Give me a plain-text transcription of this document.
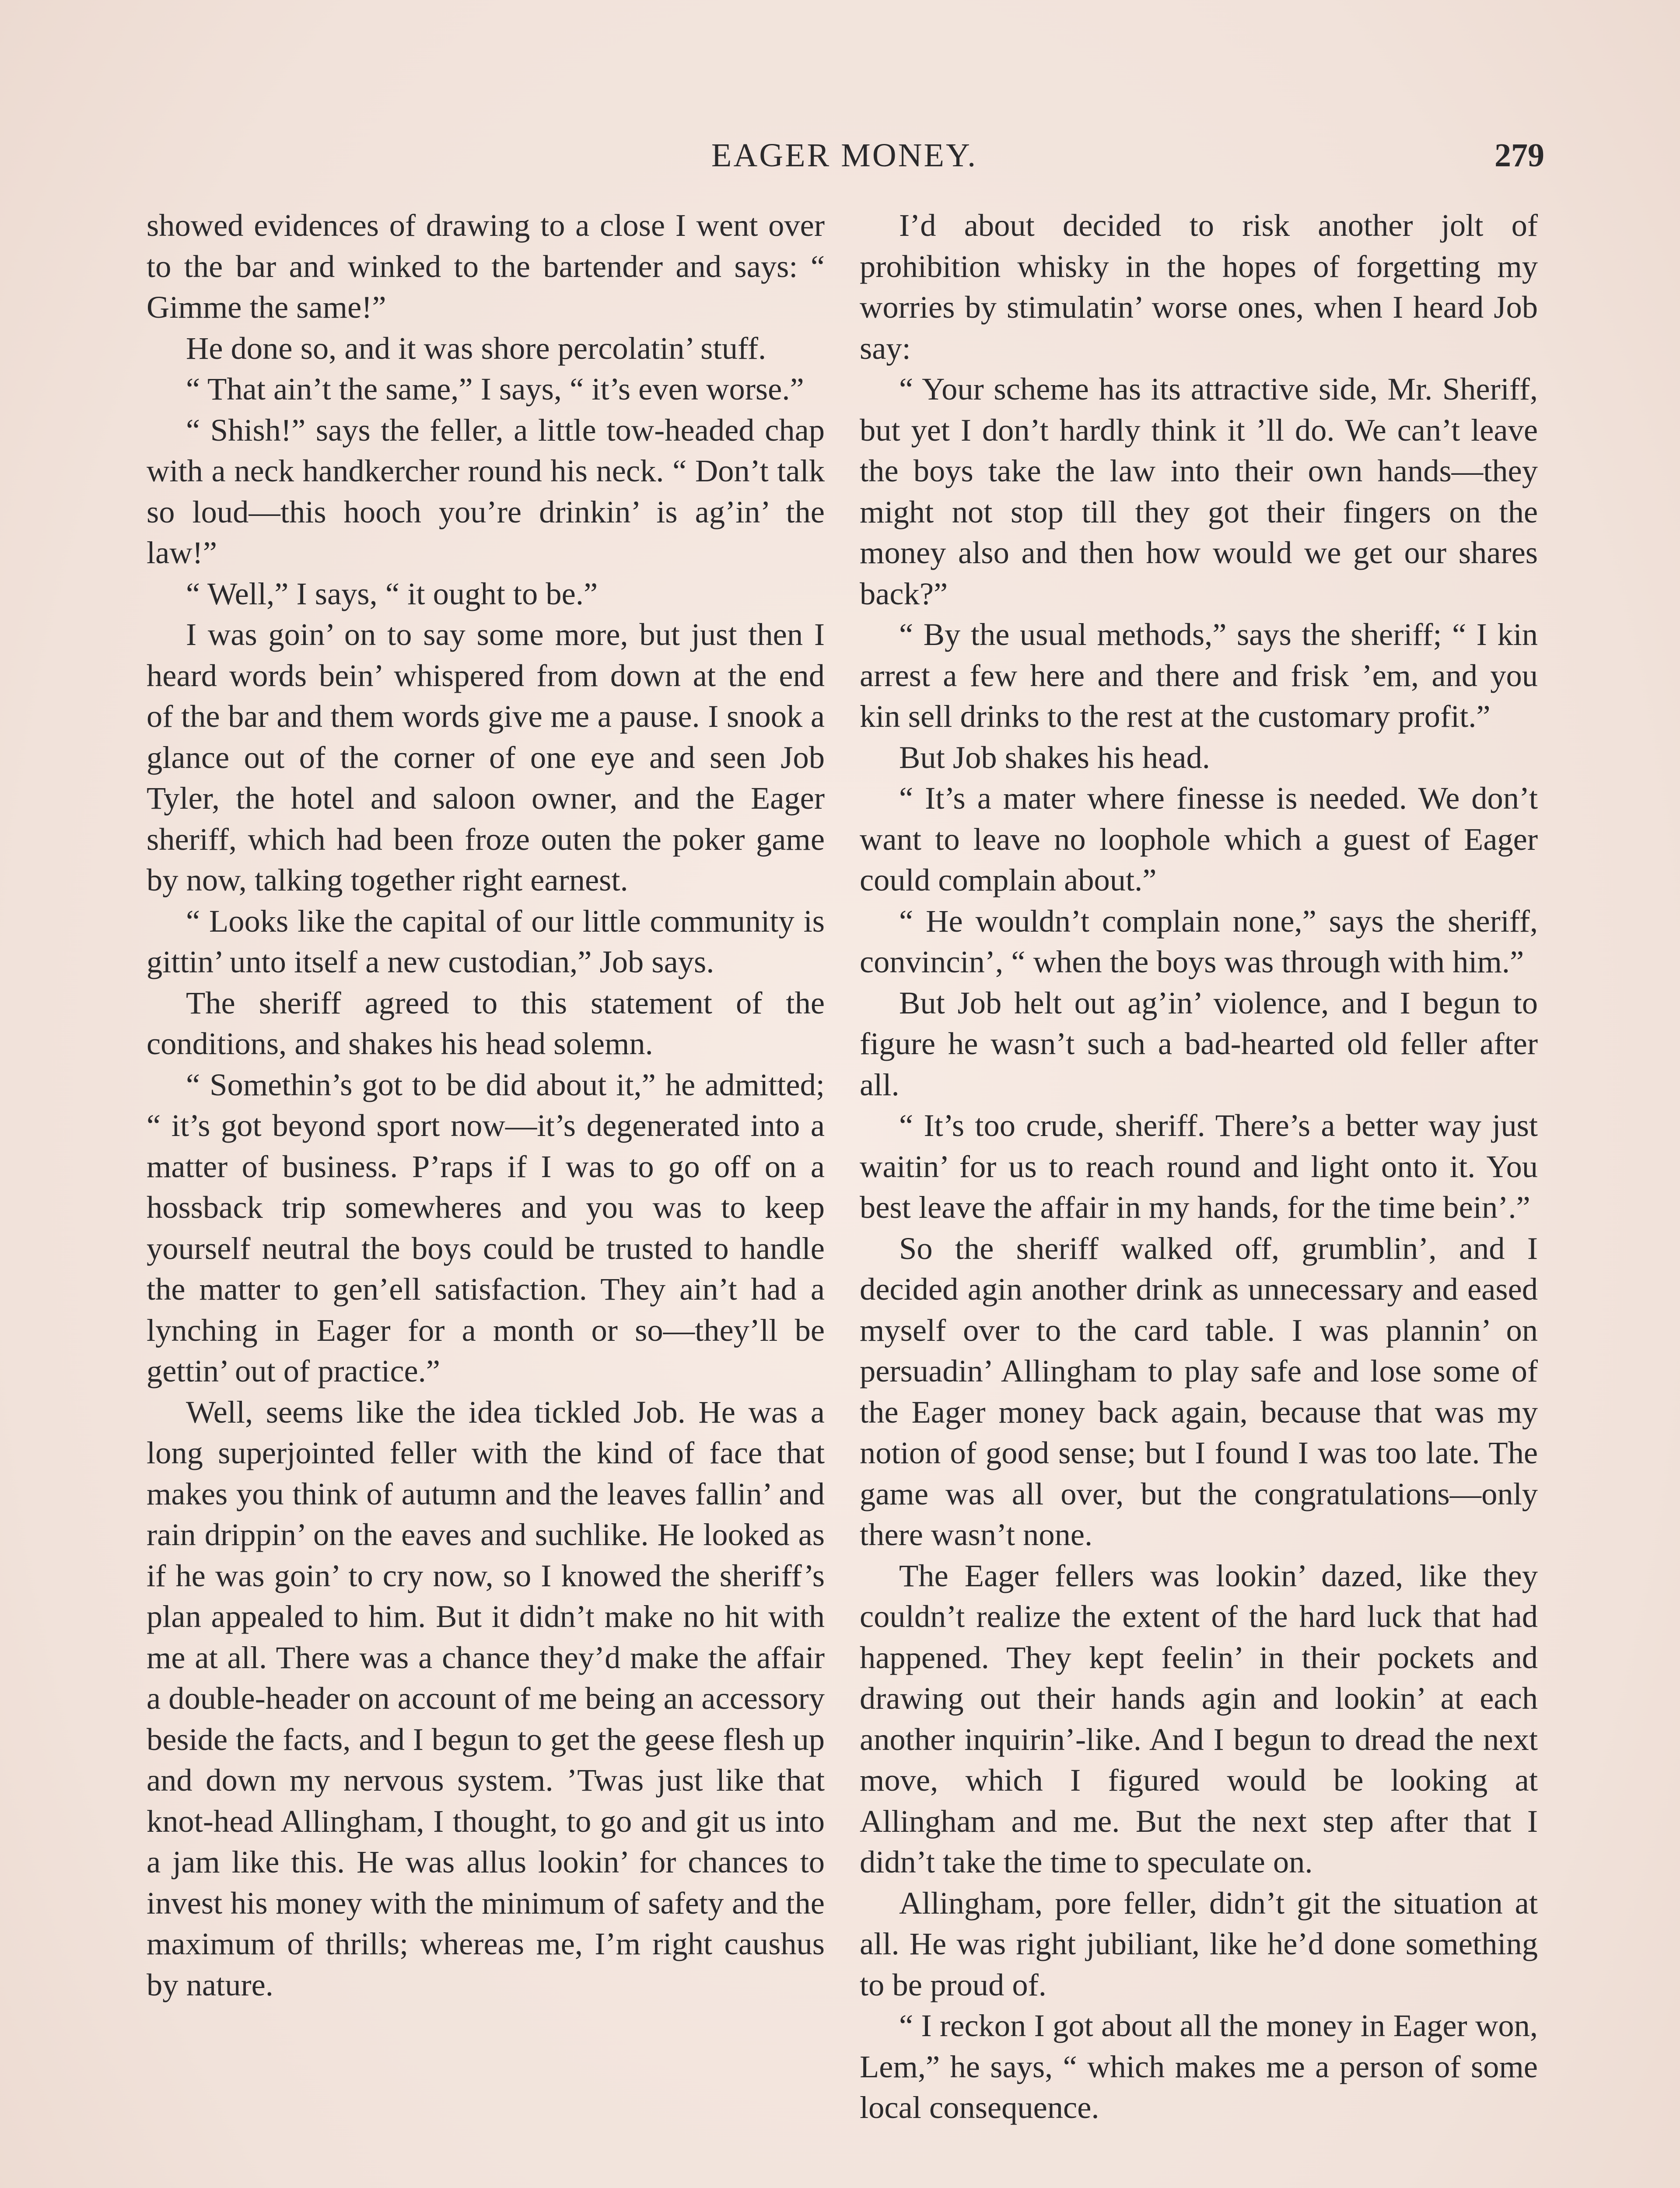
EAGER MONEY.	279

showed evidences of drawing to a close I went over to the bar and winked to the bartender and says: “ Gimme the same!”

He done so, and it was shore percolatin’ stuff.

“ That ain’t the same,” I says, “ it’s even worse.”

“ Shish!” says the feller, a little tow-headed chap with a neck handkercher round his neck. “ Don’t talk so loud—this hooch you’re drinkin’ is ag’in’ the law!”

“ Well,” I says, “ it ought to be.”

I was goin’ on to say some more, but just then I heard words bein’ whispered from down at the end of the bar and them words give me a pause. I snook a glance out of the corner of one eye and seen Job Tyler, the hotel and saloon owner, and the Eager sheriff, which had been froze outen the poker game by now, talking together right earnest.

“ Looks like the capital of our little community is gittin’ unto itself a new custodian,” Job says.

The sheriff agreed to this statement of the conditions, and shakes his head solemn.

“ Somethin’s got to be did about it,” he admitted; “ it’s got beyond sport now—it’s degenerated into a matter of business. P’raps if I was to go off on a hossback trip somewheres and you was to keep yourself neutral the boys could be trusted to handle the matter to gen’ell satisfaction. They ain’t had a lynching in Eager for a month or so—they’ll be gettin’ out of practice.”

Well, seems like the idea tickled Job. He was a long superjointed feller with the kind of face that makes you think of autumn and the leaves fallin’ and rain drippin’ on the eaves and suchlike. He looked as if he was goin’ to cry now, so I knowed the sheriff’s plan appealed to him. But it didn’t make no hit with me at all. There was a chance they’d make the affair a double-header on account of me being an accessory beside the facts, and I begun to get the geese flesh up and down my nervous system. ’Twas just like that knot-head Allingham, I thought, to go and git us into a jam like this. He was allus lookin’ for chances to invest his money with the minimum of safety and the maximum of thrills; whereas me, I’m right caushus by nature.

I’d about decided to risk another jolt of prohibition whisky in the hopes of forgetting my worries by stimulatin’ worse ones, when I heard Job say:

“ Your scheme has its attractive side, Mr. Sheriff, but yet I don’t hardly think it ’ll do. We can’t leave the boys take the law into their own hands—they might not stop till they got their fingers on the money also and then how would we get our shares back?”

“ By the usual methods,” says the sheriff; “ I kin arrest a few here and there and frisk ’em, and you kin sell drinks to the rest at the customary profit.”

But Job shakes his head.

“ It’s a mater where finesse is needed. We don’t want to leave no loophole which a guest of Eager could complain about.”

“ He wouldn’t complain none,” says the sheriff, convincin’, “ when the boys was through with him.”

But Job helt out ag’in’ violence, and I begun to figure he wasn’t such a bad-hearted old feller after all.

“ It’s too crude, sheriff. There’s a better way just waitin’ for us to reach round and light onto it. You best leave the affair in my hands, for the time bein’.”

So the sheriff walked off, grumblin’, and I decided agin another drink as unnecessary and eased myself over to the card table. I was plannin’ on persuadin’ Allingham to play safe and lose some of the Eager money back again, because that was my notion of good sense; but I found I was too late. The game was all over, but the congratulations—only there wasn’t none.

The Eager fellers was lookin’ dazed, like they couldn’t realize the extent of the hard luck that had happened. They kept feelin’ in their pockets and drawing out their hands agin and lookin’ at each another inquirin’-like. And I begun to dread the next move, which I figured would be looking at Allingham and me. But the next step after that I didn’t take the time to speculate on.

Allingham, pore feller, didn’t git the situation at all. He was right jubiliant, like he’d done something to be proud of.

“ I reckon I got about all the money in Eager won, Lem,” he says, “ which makes me a person of some local consequence.
